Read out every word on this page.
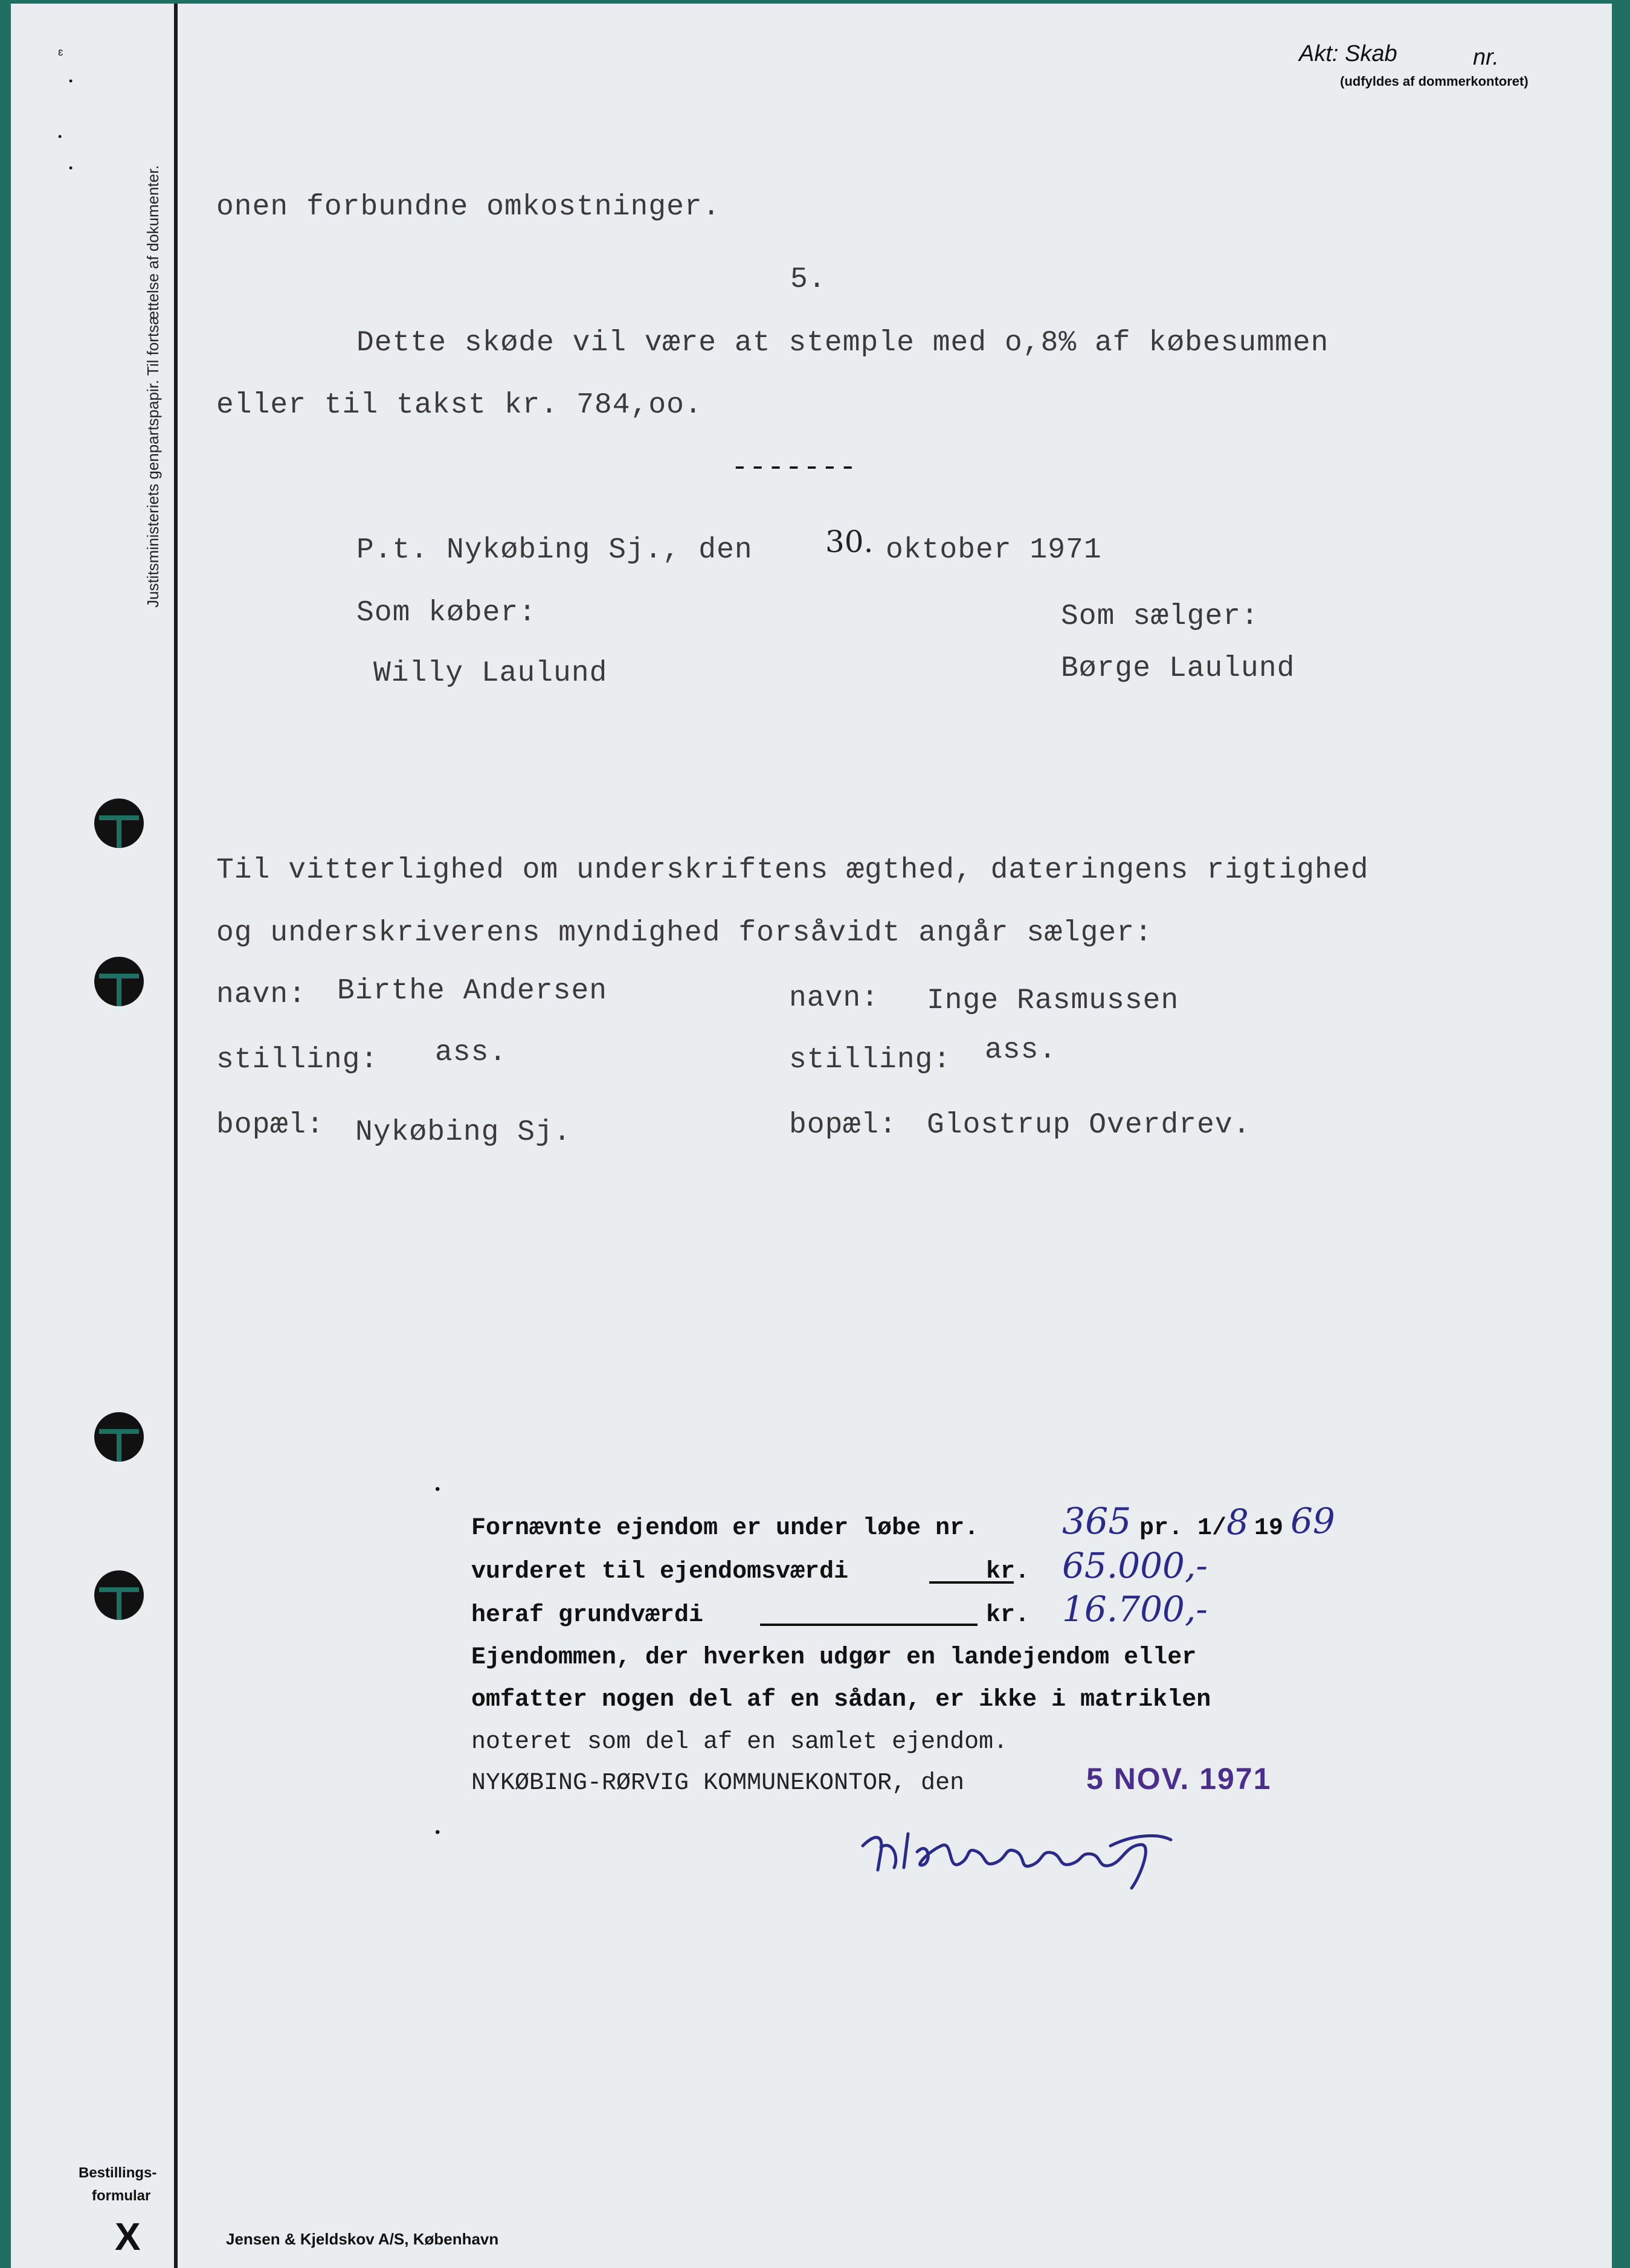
Justitsministeriets genpartspapir. Til fortsættelse af dokumenter.
ɛ
•
•
•
Akt: Skab	nr.
(udfyldes af dommerkontoret)
onen forbundne omkostninger.
5.
Dette skøde vil være at stemple med o,8% af købesummen
eller til takst kr. 784,oo.
-------
P.t. Nykøbing Sj., den 30. oktober 1971
Som køber:	Som sælger:
Willy Laulund	Børge Laulund
Til vitterlighed om underskriftens ægthed, dateringens rigtighed
og underskriverens myndighed forsåvidt angår sælger:
navn: Birthe Andersen
stilling: ass.
bopæl: Nykøbing Sj.
navn: Inge Rasmussen
stilling: ass.
bopæl: Glostrup Overdrev.
•
•
Fornævnte ejendom er under løbe nr. 365 pr. 1/ 8 19 69
vurderet til ejendomsværdi	kr. 65.000,-
heraf grundværdi	kr. 16.700,-
Ejendommen, der hverken udgør en landejendom eller
omfatter nogen del af en sådan, er ikke i matriklen
noteret som del af en samlet ejendom.
NYKØBING-RØRVIG KOMMUNEKONTOR, den	5 NOV. 1971
Bestillings-
formular
X	Jensen & Kjeldskov A/S, København
